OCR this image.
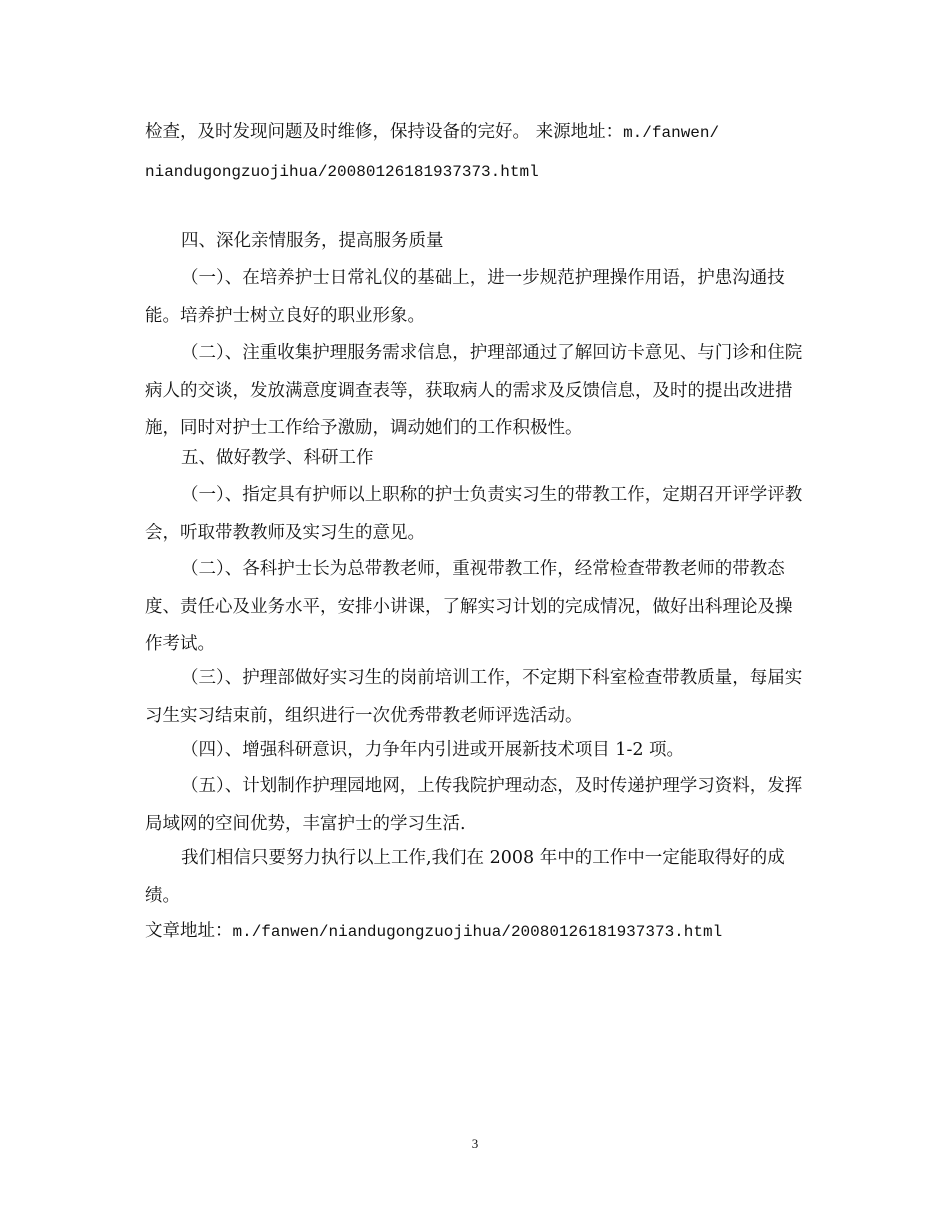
检查，及时发现问题及时维修，保持设备的完好。 来源地址：m./fanwen/
niandugongzuojihua/20080126181937373.html

四、深化亲情服务，提高服务质量

（一）、在培养护士日常礼仪的基础上，进一步规范护理操作用语，护患沟通技能。培养护士树立良好的职业形象。

（二）、注重收集护理服务需求信息，护理部通过了解回访卡意见、与门诊和住院病人的交谈，发放满意度调查表等，获取病人的需求及反馈信息，及时的提出改进措施，同时对护士工作给予激励，调动她们的工作积极性。

五、做好教学、科研工作

（一）、指定具有护师以上职称的护士负责实习生的带教工作，定期召开评学评教会，听取带教教师及实习生的意见。

（二）、各科护士长为总带教老师，重视带教工作，经常检查带教老师的带教态度、责任心及业务水平，安排小讲课，了解实习计划的完成情况，做好出科理论及操作考试。

（三）、护理部做好实习生的岗前培训工作，不定期下科室检查带教质量，每届实习生实习结束前，组织进行一次优秀带教老师评选活动。

（四）、增强科研意识，力争年内引进或开展新技术项目 1-2 项。

（五）、计划制作护理园地网，上传我院护理动态，及时传递护理学习资料，发挥局域网的空间优势，丰富护士的学习生活.

我们相信只要努力执行以上工作,我们在 2008 年中的工作中一定能取得好的成绩。

文章地址：m./fanwen/niandugongzuojihua/20080126181937373.html

3
